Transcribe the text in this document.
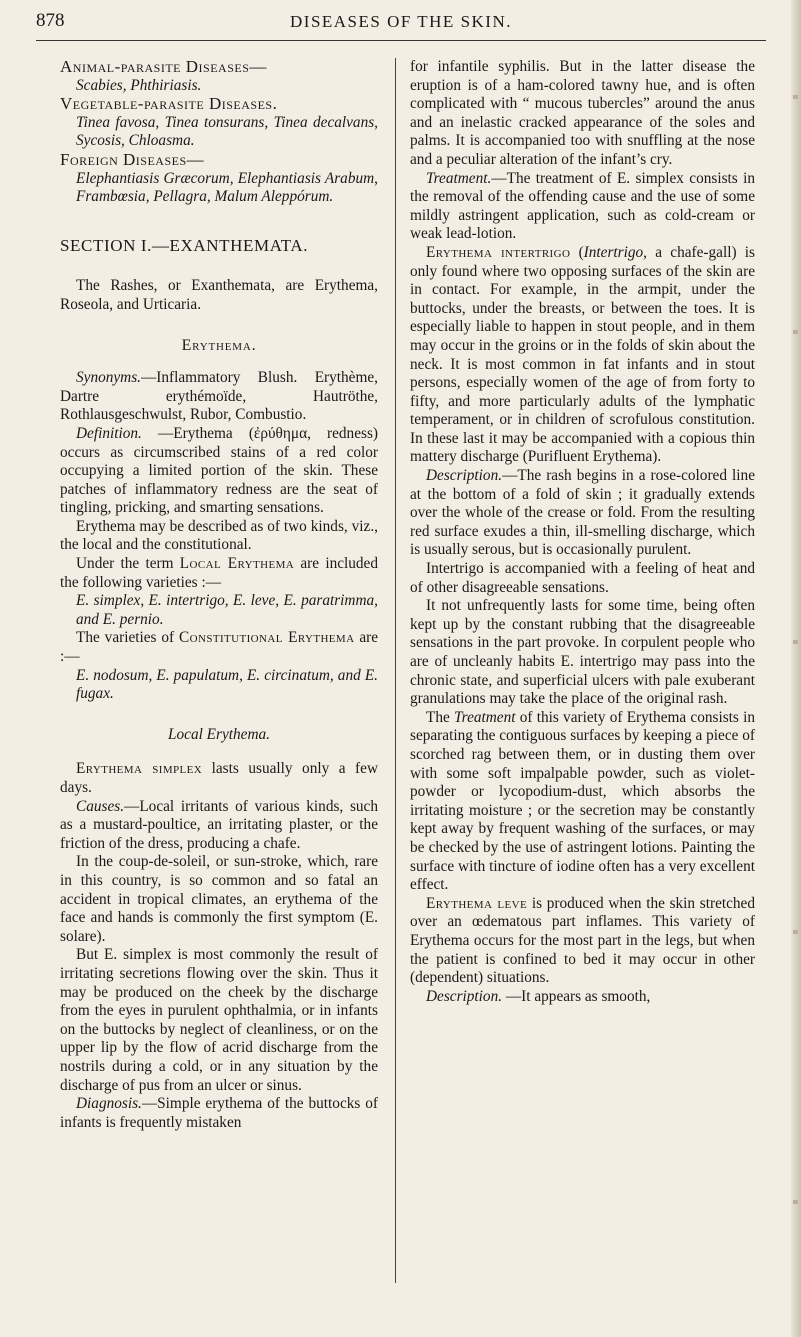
878	DISEASES OF THE SKIN.

Animal-parasite Diseases—

Scabies, Phthiriasis.

Vegetable-parasite Diseases.

Tinea favosa, Tinea tonsurans, Tinea decalvans, Sycosis, Chloasma.

Foreign Diseases—

Elephantiasis Græcorum, Elephantiasis Arabum, Frambœsia, Pellagra, Malum Aleppórum.

SECTION I.—EXANTHEMATA.

The Rashes, or Exanthemata, are Erythema, Roseola, and Urticaria.

Erythema.

Synonyms.—Inflammatory Blush. Erythème, Dartre erythémoïde, Hautröthe, Rothlausgeschwulst, Rubor, Combustio.

Definition. —Erythema (ἐρύθημα, redness) occurs as circumscribed stains of a red color occupying a limited portion of the skin. These patches of inflammatory redness are the seat of tingling, pricking, and smarting sensations.

Erythema may be described as of two kinds, viz., the local and the constitutional.

Under the term Local Erythema are included the following varieties :—

E. simplex, E. intertrigo, E. leve, E. paratrimma, and E. pernio.

The varieties of Constitutional Erythema are :—

E. nodosum, E. papulatum, E. circinatum, and E. fugax.

Local Erythema.

Erythema simplex lasts usually only a few days.

Causes.—Local irritants of various kinds, such as a mustard-poultice, an irritating plaster, or the friction of the dress, producing a chafe.

In the coup-de-soleil, or sun-stroke, which, rare in this country, is so common and so fatal an accident in tropical climates, an erythema of the face and hands is commonly the first symptom (E. solare).

But E. simplex is most commonly the result of irritating secretions flowing over the skin. Thus it may be produced on the cheek by the discharge from the eyes in purulent ophthalmia, or in infants on the buttocks by neglect of cleanliness, or on the upper lip by the flow of acrid discharge from the nostrils during a cold, or in any situation by the discharge of pus from an ulcer or sinus.

Diagnosis.—Simple erythema of the buttocks of infants is frequently mistaken

for infantile syphilis. But in the latter disease the eruption is of a ham-colored tawny hue, and is often complicated with “ mucous tubercles” around the anus and an inelastic cracked appearance of the soles and palms. It is accompanied too with snuffling at the nose and a peculiar alteration of the infant’s cry.

Treatment.—The treatment of E. simplex consists in the removal of the offending cause and the use of some mildly astringent application, such as cold-cream or weak lead-lotion.

Erythema intertrigo (Intertrigo, a chafe-gall) is only found where two opposing surfaces of the skin are in contact. For example, in the armpit, under the buttocks, under the breasts, or between the toes. It is especially liable to happen in stout people, and in them may occur in the groins or in the folds of skin about the neck. It is most common in fat infants and in stout persons, especially women of the age of from forty to fifty, and more particularly adults of the lymphatic temperament, or in children of scrofulous constitution. In these last it may be accompanied with a copious thin mattery discharge (Purifluent Erythema).

Description.—The rash begins in a rose-colored line at the bottom of a fold of skin ; it gradually extends over the whole of the crease or fold. From the resulting red surface exudes a thin, ill-smelling discharge, which is usually serous, but is occasionally purulent.

Intertrigo is accompanied with a feeling of heat and of other disagreeable sensations.

It not unfrequently lasts for some time, being often kept up by the constant rubbing that the disagreeable sensations in the part provoke. In corpulent people who are of uncleanly habits E. intertrigo may pass into the chronic state, and superficial ulcers with pale exuberant granulations may take the place of the original rash.

The Treatment of this variety of Erythema consists in separating the contiguous surfaces by keeping a piece of scorched rag between them, or in dusting them over with some soft impalpable powder, such as violet-powder or lycopodium-dust, which absorbs the irritating moisture ; or the secretion may be constantly kept away by frequent washing of the surfaces, or may be checked by the use of astringent lotions. Painting the surface with tincture of iodine often has a very excellent effect.

Erythema leve is produced when the skin stretched over an œdematous part inflames. This variety of Erythema occurs for the most part in the legs, but when the patient is confined to bed it may occur in other (dependent) situations.

Description. —It appears as smooth,
